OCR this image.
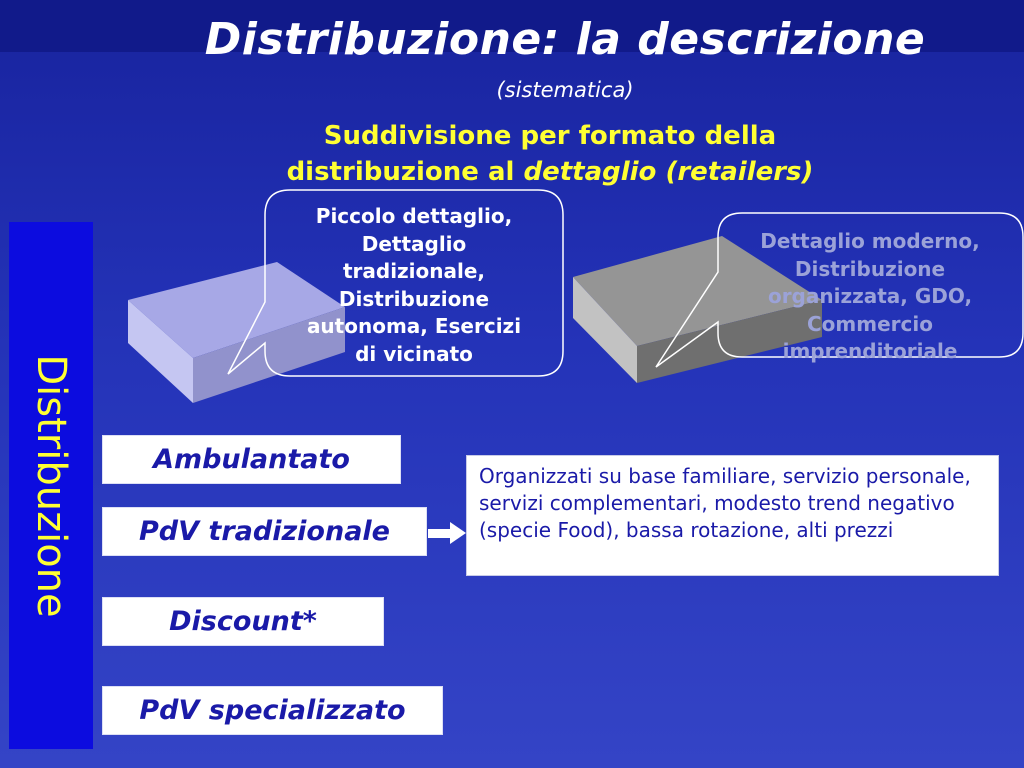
Distribuzione: la descrizione
(sistematica)
Suddivisione per formato della
distribuzione al dettaglio (retailers)
Distribuzione
Piccolo dettaglio,
Dettaglio
tradizionale,
Distribuzione
autonoma, Esercizi
di vicinato
Dettaglio moderno,
Distribuzione
organizzata, GDO,
Commercio
imprenditoriale
Ambulantato
PdV tradizionale
Discount*
PdV specializzato
Organizzati su base familiare, servizio personale, servizi complementari, modesto trend negativo (specie Food), bassa rotazione, alti prezzi
